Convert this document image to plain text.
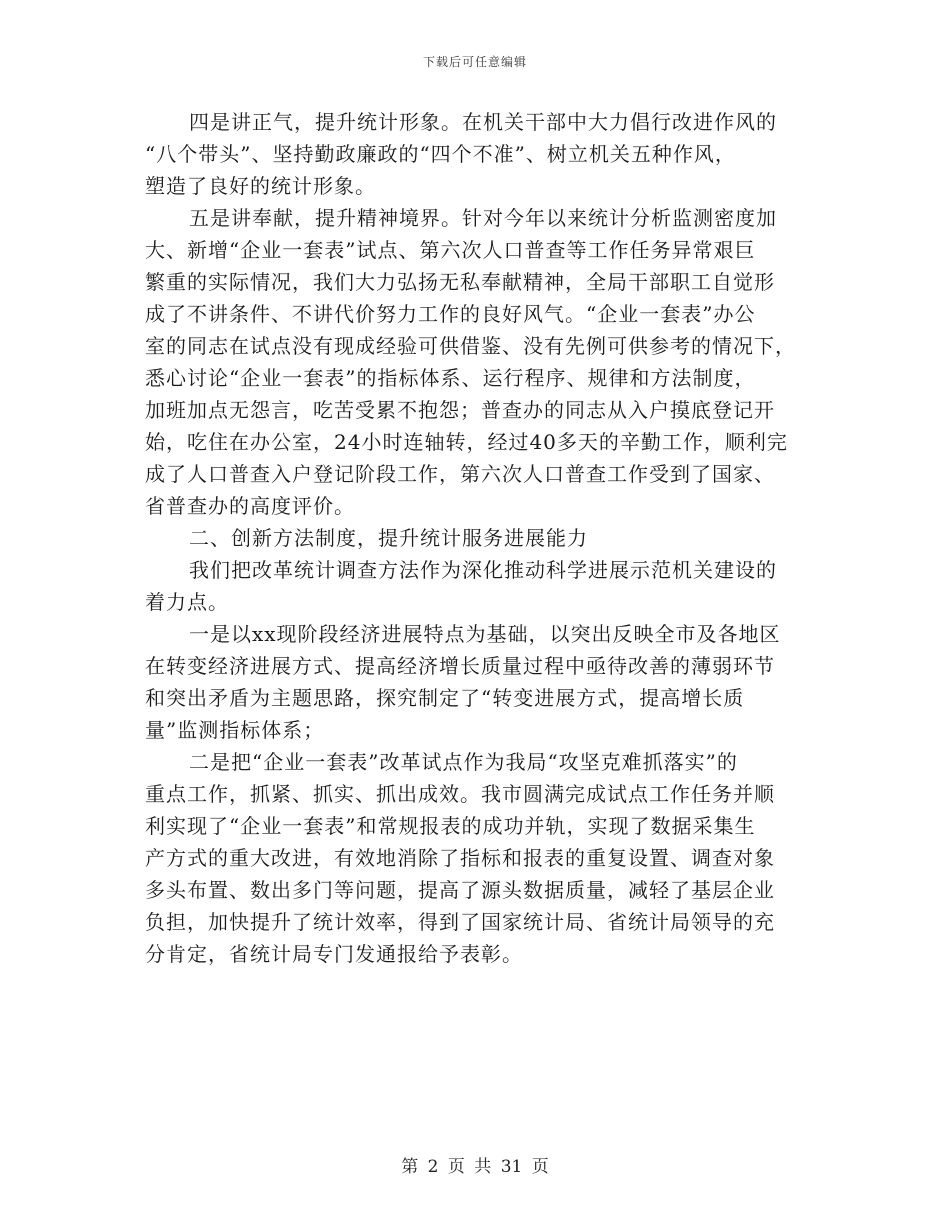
下载后可任意编辑
四是讲正气，提升统计形象。在机关干部中大力倡行改进作风的
“八个带头”、坚持勤政廉政的“四个不准”、树立机关五种作风，
塑造了良好的统计形象。
五是讲奉献，提升精神境界。针对今年以来统计分析监测密度加
大、新增“企业一套表”试点、第六次人口普查等工作任务异常艰巨
繁重的实际情况，我们大力弘扬无私奉献精神，全局干部职工自觉形
成了不讲条件、不讲代价努力工作的良好风气。“企业一套表”办公
室的同志在试点没有现成经验可供借鉴、没有先例可供参考的情况下，
悉心讨论“企业一套表”的指标体系、运行程序、规律和方法制度，
加班加点无怨言，吃苦受累不抱怨；普查办的同志从入户摸底登记开
始，吃住在办公室，24小时连轴转，经过40多天的辛勤工作，顺利完
成了人口普查入户登记阶段工作，第六次人口普查工作受到了国家、
省普查办的高度评价。
二、创新方法制度，提升统计服务进展能力
我们把改革统计调查方法作为深化推动科学进展示范机关建设的
着力点。
一是以xx现阶段经济进展特点为基础，以突出反映全市及各地区
在转变经济进展方式、提高经济增长质量过程中亟待改善的薄弱环节
和突出矛盾为主题思路，探究制定了“转变进展方式，提高增长质
量”监测指标体系；
二是把“企业一套表”改革试点作为我局“攻坚克难抓落实”的
重点工作，抓紧、抓实、抓出成效。我市圆满完成试点工作任务并顺
利实现了“企业一套表”和常规报表的成功并轨，实现了数据采集生
产方式的重大改进，有效地消除了指标和报表的重复设置、调查对象
多头布置、数出多门等问题，提高了源头数据质量，减轻了基层企业
负担，加快提升了统计效率，得到了国家统计局、省统计局领导的充
分肯定，省统计局专门发通报给予表彰。
第 2 页 共 31 页
